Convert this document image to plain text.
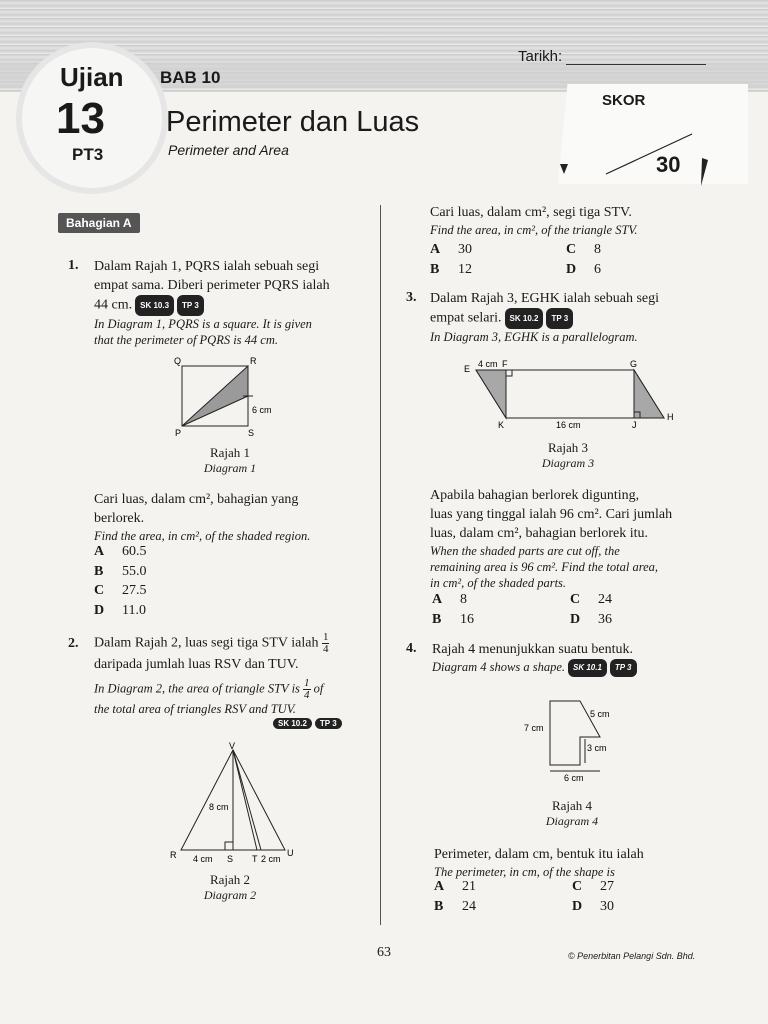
Ujian
13
PT3
BAB 10
Perimeter dan Luas
Perimeter and Area
Tarikh:
SKOR
30
Bahagian A
1. Dalam Rajah 1, PQRS ialah sebuah segi
empat sama. Diberi perimeter PQRS ialah
44 cm. SK 10.3 TP 3
In Diagram 1, PQRS is a square. It is given
that the perimeter of PQRS is 44 cm.
Q	R
P	S
6 cm
Rajah 1
Diagram 1
Cari luas, dalam cm², bahagian yang
berlorek.
Find the area, in cm², of the shaded region.
A 60.5
B 55.0
C 27.5
D 11.0
2. Dalam Rajah 2, luas segi tiga STV ialah $\frac{1}{4}$
daripada jumlah luas RSV dan TUV.
In Diagram 2, the area of triangle STV is $\frac{1}{4}$ of
the total area of triangles RSV and TUV.
SK 10.2 TP 3
V
R	U
S T
8 cm
4 cm	2 cm
Rajah 2
Diagram 2
Cari luas, dalam cm², segi tiga STV.
Find the area, in cm², of the triangle STV.
A 30	C 8
B 12	D 6
3. Dalam Rajah 3, EGHK ialah sebuah segi
empat selari. SK 10.2 TP 3
In Diagram 3, EGHK is a parallelogram.
E	F
4 cm	G
H
K	J
16 cm
Rajah 3
Diagram 3
Apabila bahagian berlorek digunting,
luas yang tinggal ialah 96 cm². Cari jumlah
luas, dalam cm², bahagian berlorek itu.
When the shaded parts are cut off, the
remaining area is 96 cm². Find the total area,
in cm², of the shaded parts.
A 8	C 24
B 16	D 36
4. Rajah 4 menunjukkan suatu bentuk.
Diagram 4 shows a shape. SK 10.1 TP 3
7 cm
5 cm
3 cm
6 cm
Rajah 4
Diagram 4
Perimeter, dalam cm, bentuk itu ialah
The perimeter, in cm, of the shape is
A 21	C 27
B 24	D 30
63	© Penerbitan Pelangi Sdn. Bhd.
